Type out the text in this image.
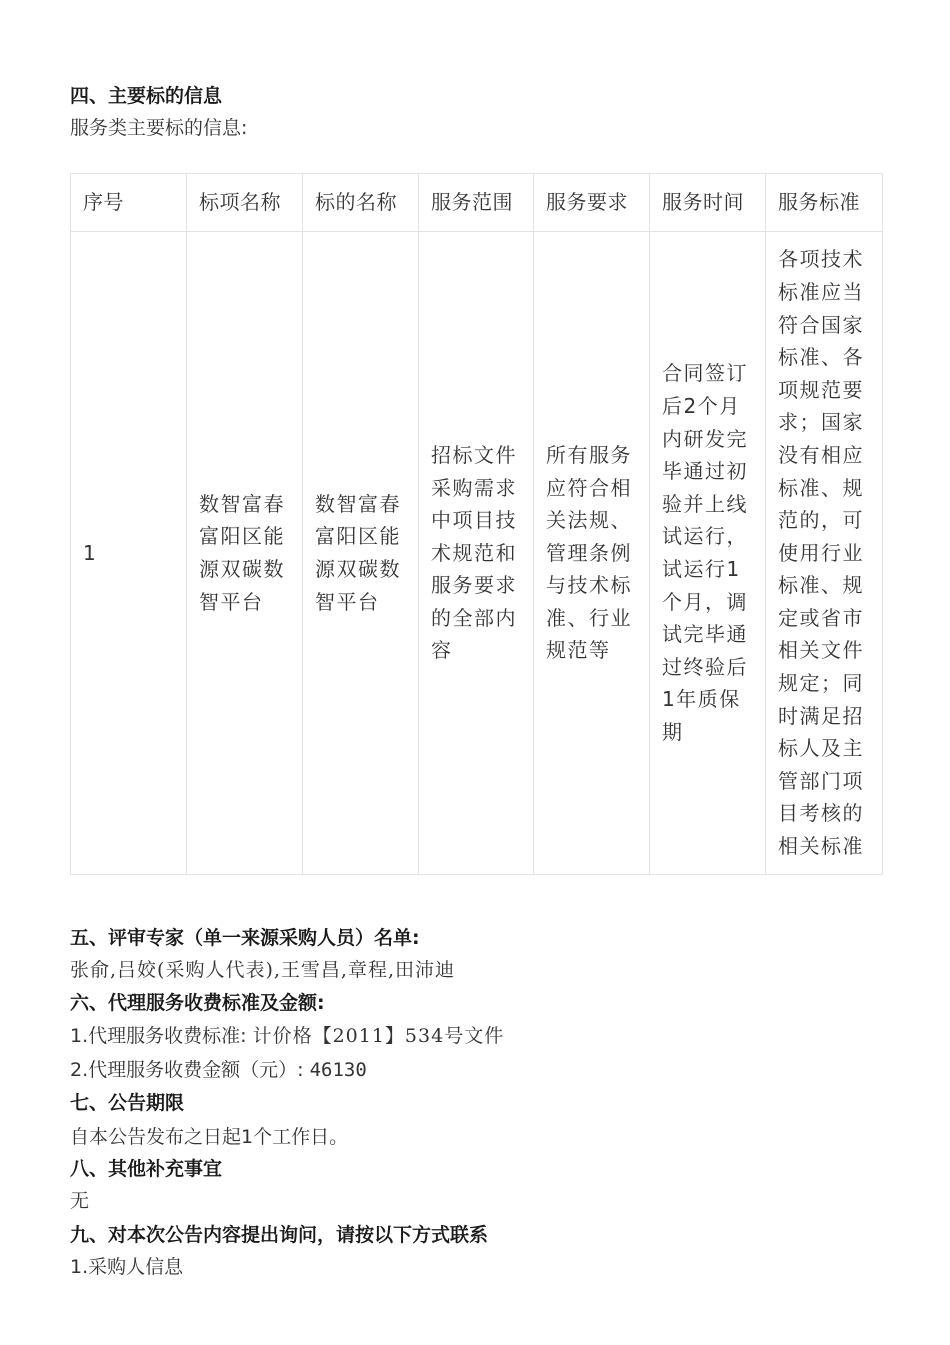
四、主要标的信息
服务类主要标的信息:
序号	标项名称	标的名称	服务范围	服务要求	服务时间	服务标准
1	数智富春富阳区能源双碳数智平台	数智富春富阳区能源双碳数智平台	招标文件采购需求中项目技术规范和服务要求的全部内容	所有服务应符合相关法规、管理条例与技术标准、行业规范等	合同签订后2个月内研发完毕通过初验并上线试运行，试运行1个月，调试完毕通过终验后1年质保期	各项技术标准应当符合国家标准、各项规范要求；国家没有相应标准、规范的，可使用行业标准、规定或省市相关文件规定；同时满足招标人及主管部门项目考核的相关标准
五、评审专家（单一来源采购人员）名单:
张俞,吕姣(采购人代表),王雪昌,章程,田沛迪
六、代理服务收费标准及金额:
1.代理服务收费标准: 计价格【2011】534号文件
2.代理服务收费金额（元）: 46130
七、公告期限
自本公告发布之日起1个工作日。
八、其他补充事宜
无
九、对本次公告内容提出询问，请按以下方式联系
1.采购人信息
